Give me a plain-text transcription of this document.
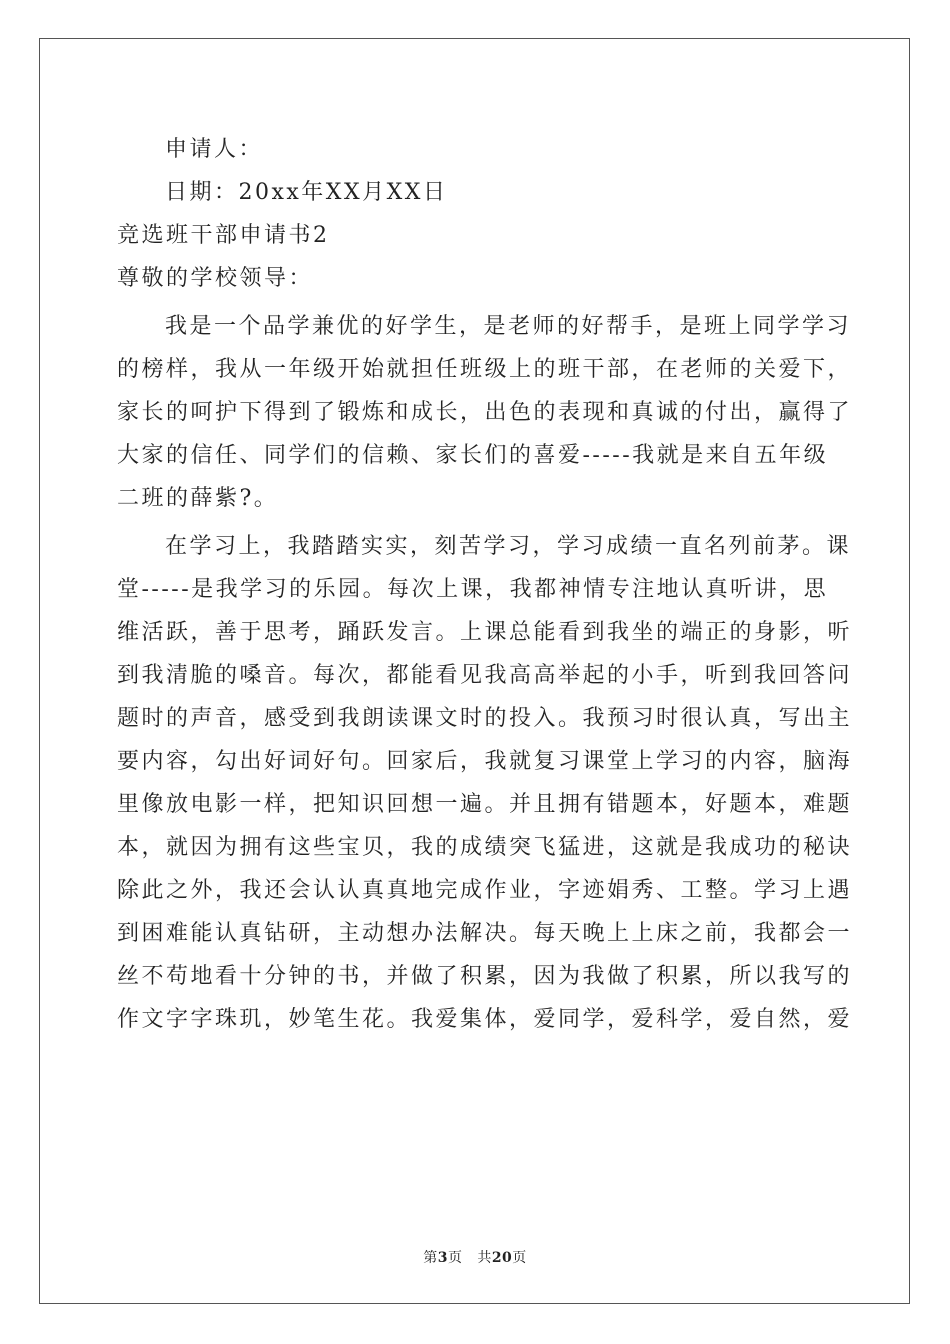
申请人：
日期：20xx年XX月XX日
竞选班干部申请书2
尊敬的学校领导：
我是一个品学兼优的好学生，是老师的好帮手，是班上同学学习
的榜样，我从一年级开始就担任班级上的班干部，在老师的关爱下，
家长的呵护下得到了锻炼和成长，出色的表现和真诚的付出，赢得了
大家的信任、同学们的信赖、家长们的喜爱-----我就是来自五年级
二班的薛紫?。
在学习上，我踏踏实实，刻苦学习，学习成绩一直名列前茅。课
堂-----是我学习的乐园。每次上课，我都神情专注地认真听讲，思
维活跃，善于思考，踊跃发言。上课总能看到我坐的端正的身影，听
到我清脆的嗓音。每次，都能看见我高高举起的小手，听到我回答问
题时的声音，感受到我朗读课文时的投入。我预习时很认真，写出主
要内容，勾出好词好句。回家后，我就复习课堂上学习的内容，脑海
里像放电影一样，把知识回想一遍。并且拥有错题本，好题本，难题
本，就因为拥有这些宝贝，我的成绩突飞猛进，这就是我成功的秘诀
除此之外，我还会认认真真地完成作业，字迹娟秀、工整。学习上遇
到困难能认真钻研，主动想办法解决。每天晚上上床之前，我都会一
丝不苟地看十分钟的书，并做了积累，因为我做了积累，所以我写的
作文字字珠玑，妙笔生花。我爱集体，爱同学，爱科学，爱自然，爱
第3页 共20页
